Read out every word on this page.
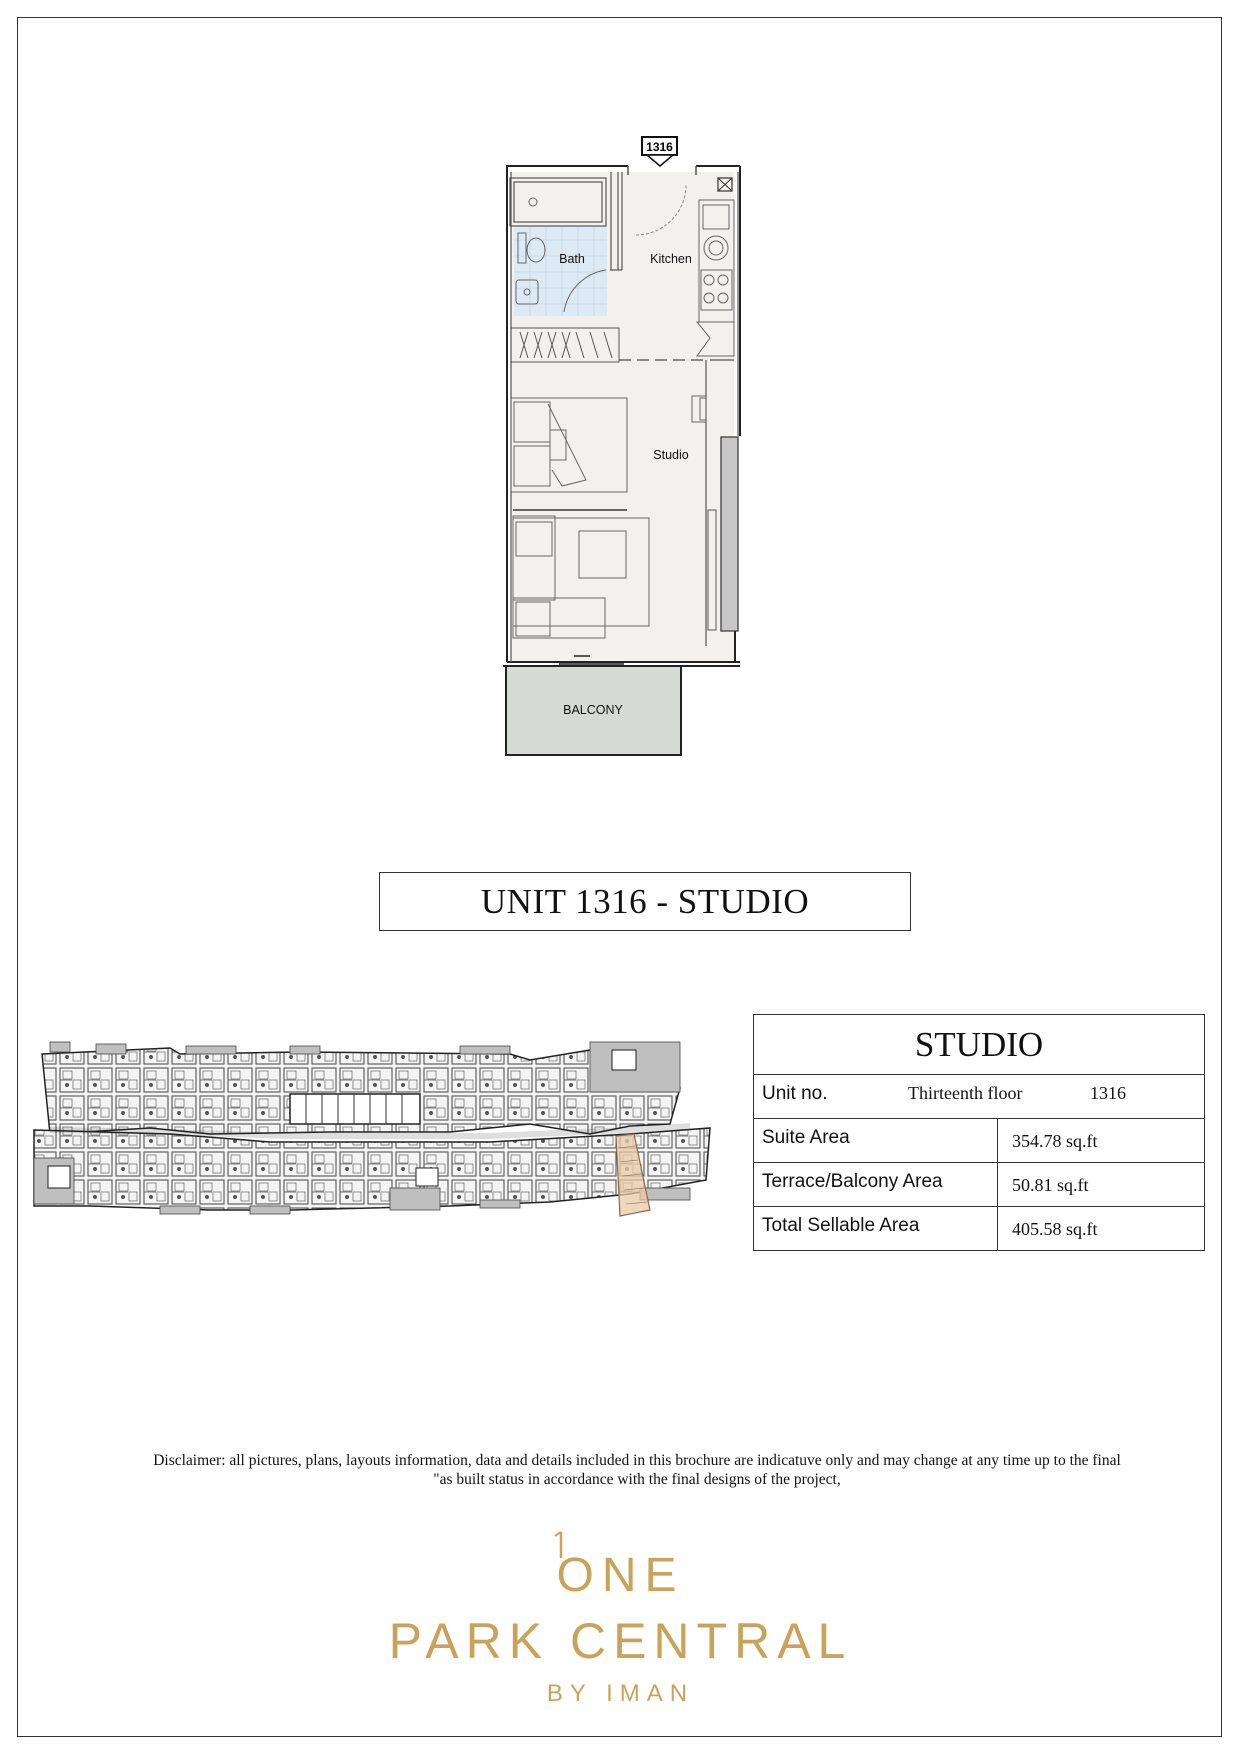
1316
Bath	Kitchen
Studio
BALCONY
UNIT 1316 - STUDIO
STUDIO
Unit no.	Thirteenth floor	1316
Suite Area	354.78 sq.ft
Terrace/Balcony Area	50.81 sq.ft
Total Sellable Area	405.58 sq.ft
Disclaimer: all pictures, plans, layouts information, data and details included in this brochure are indicatuve only and may change at any time up to the final
"as built status in accordance with the final designs of the project,
ONE
PARK CENTRAL
BY IMAN
